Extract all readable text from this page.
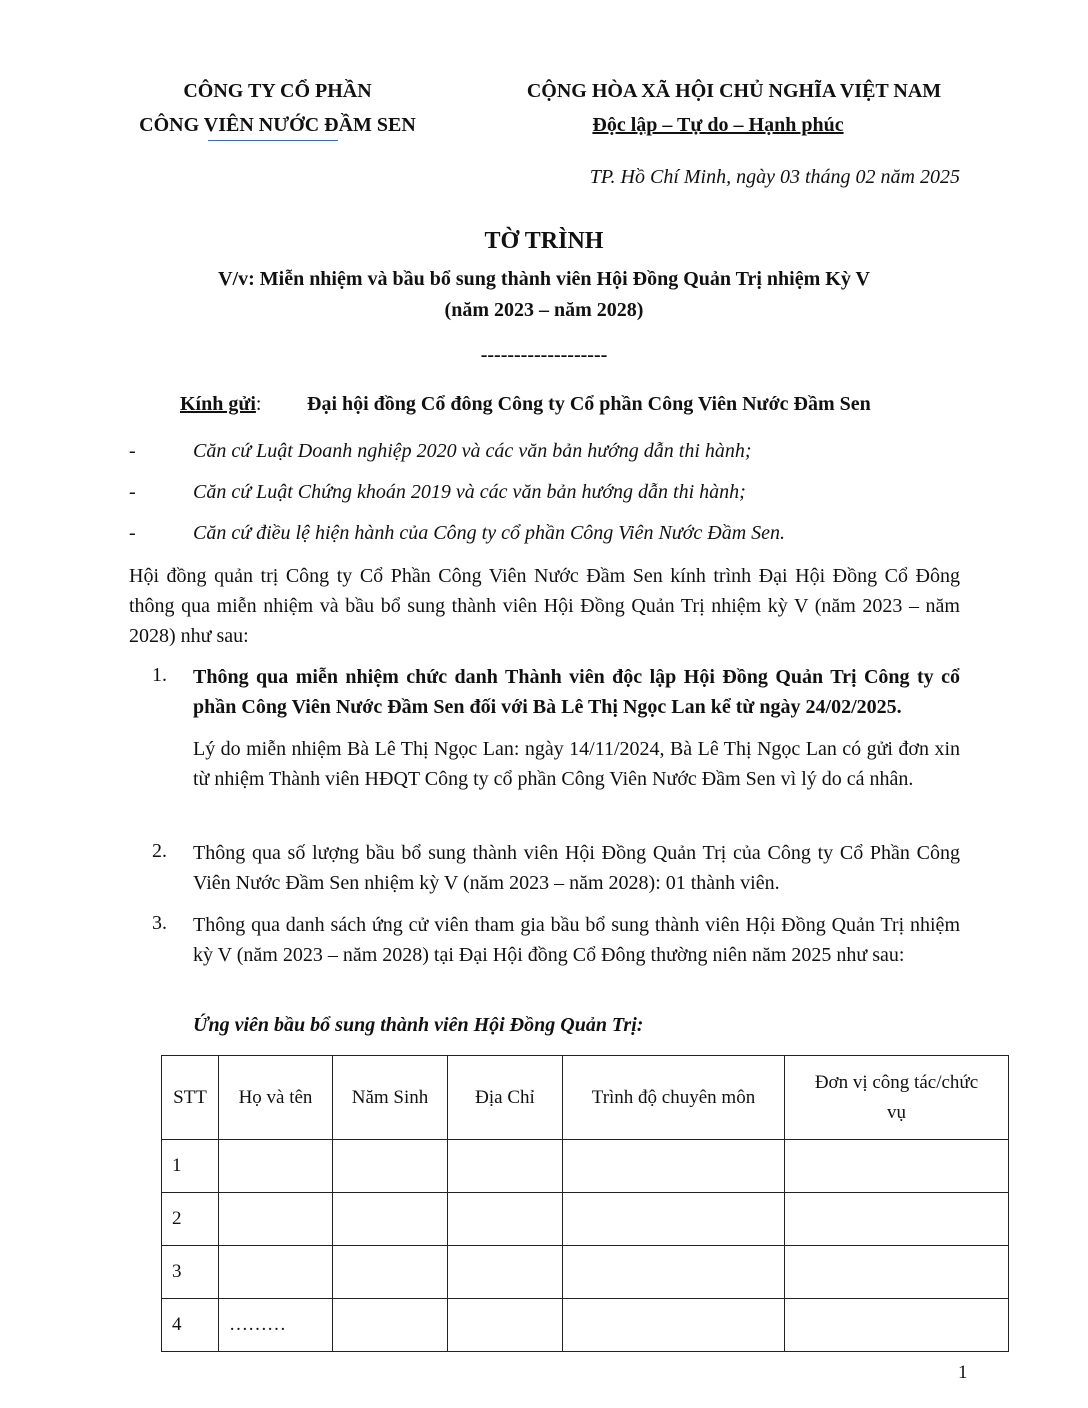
CÔNG TY CỔ PHẦN
CÔNG VIÊN NƯỚC ĐẦM SEN
CỘNG HÒA XÃ HỘI CHỦ NGHĨA VIỆT NAM
Độc lập – Tự do – Hạnh phúc
TP. Hồ Chí Minh, ngày 03 tháng 02 năm 2025
TỜ TRÌNH
V/v: Miễn nhiệm và bầu bổ sung thành viên Hội Đồng Quản Trị nhiệm Kỳ V
(năm 2023 – năm 2028)
-------------------
Kính gửi: Đại hội đồng Cổ đông Công ty Cổ phần Công Viên Nước Đầm Sen
-	Căn cứ Luật Doanh nghiệp 2020 và các văn bản hướng dẫn thi hành;
-	Căn cứ Luật Chứng khoán 2019 và các văn bản hướng dẫn thi hành;
-	Căn cứ điều lệ hiện hành của Công ty cổ phần Công Viên Nước Đầm Sen.
Hội đồng quản trị Công ty Cổ Phần Công Viên Nước Đầm Sen kính trình Đại Hội Đồng Cổ Đông thông qua miễn nhiệm và bầu bổ sung thành viên Hội Đồng Quản Trị nhiệm kỳ V (năm 2023 – năm 2028) như sau:
1. Thông qua miễn nhiệm chức danh Thành viên độc lập Hội Đồng Quản Trị Công ty cổ phần Công Viên Nước Đầm Sen đối với Bà Lê Thị Ngọc Lan kể từ ngày 24/02/2025.
Lý do miễn nhiệm Bà Lê Thị Ngọc Lan: ngày 14/11/2024, Bà Lê Thị Ngọc Lan có gửi đơn xin từ nhiệm Thành viên HĐQT Công ty cổ phần Công Viên Nước Đầm Sen vì lý do cá nhân.
2. Thông qua số lượng bầu bổ sung thành viên Hội Đồng Quản Trị của Công ty Cổ Phần Công Viên Nước Đầm Sen nhiệm kỳ V (năm 2023 – năm 2028): 01 thành viên.
3. Thông qua danh sách ứng cử viên tham gia bầu bổ sung thành viên Hội Đồng Quản Trị nhiệm kỳ V (năm 2023 – năm 2028) tại Đại Hội đồng Cổ Đông thường niên năm 2025 như sau:
Ứng viên bầu bổ sung thành viên Hội Đồng Quản Trị:
STT	Họ và tên	Năm Sinh	Địa Chỉ	Trình độ chuyên môn	Đơn vị công tác/chức vụ
1					
2					
3					
4	………				
1
